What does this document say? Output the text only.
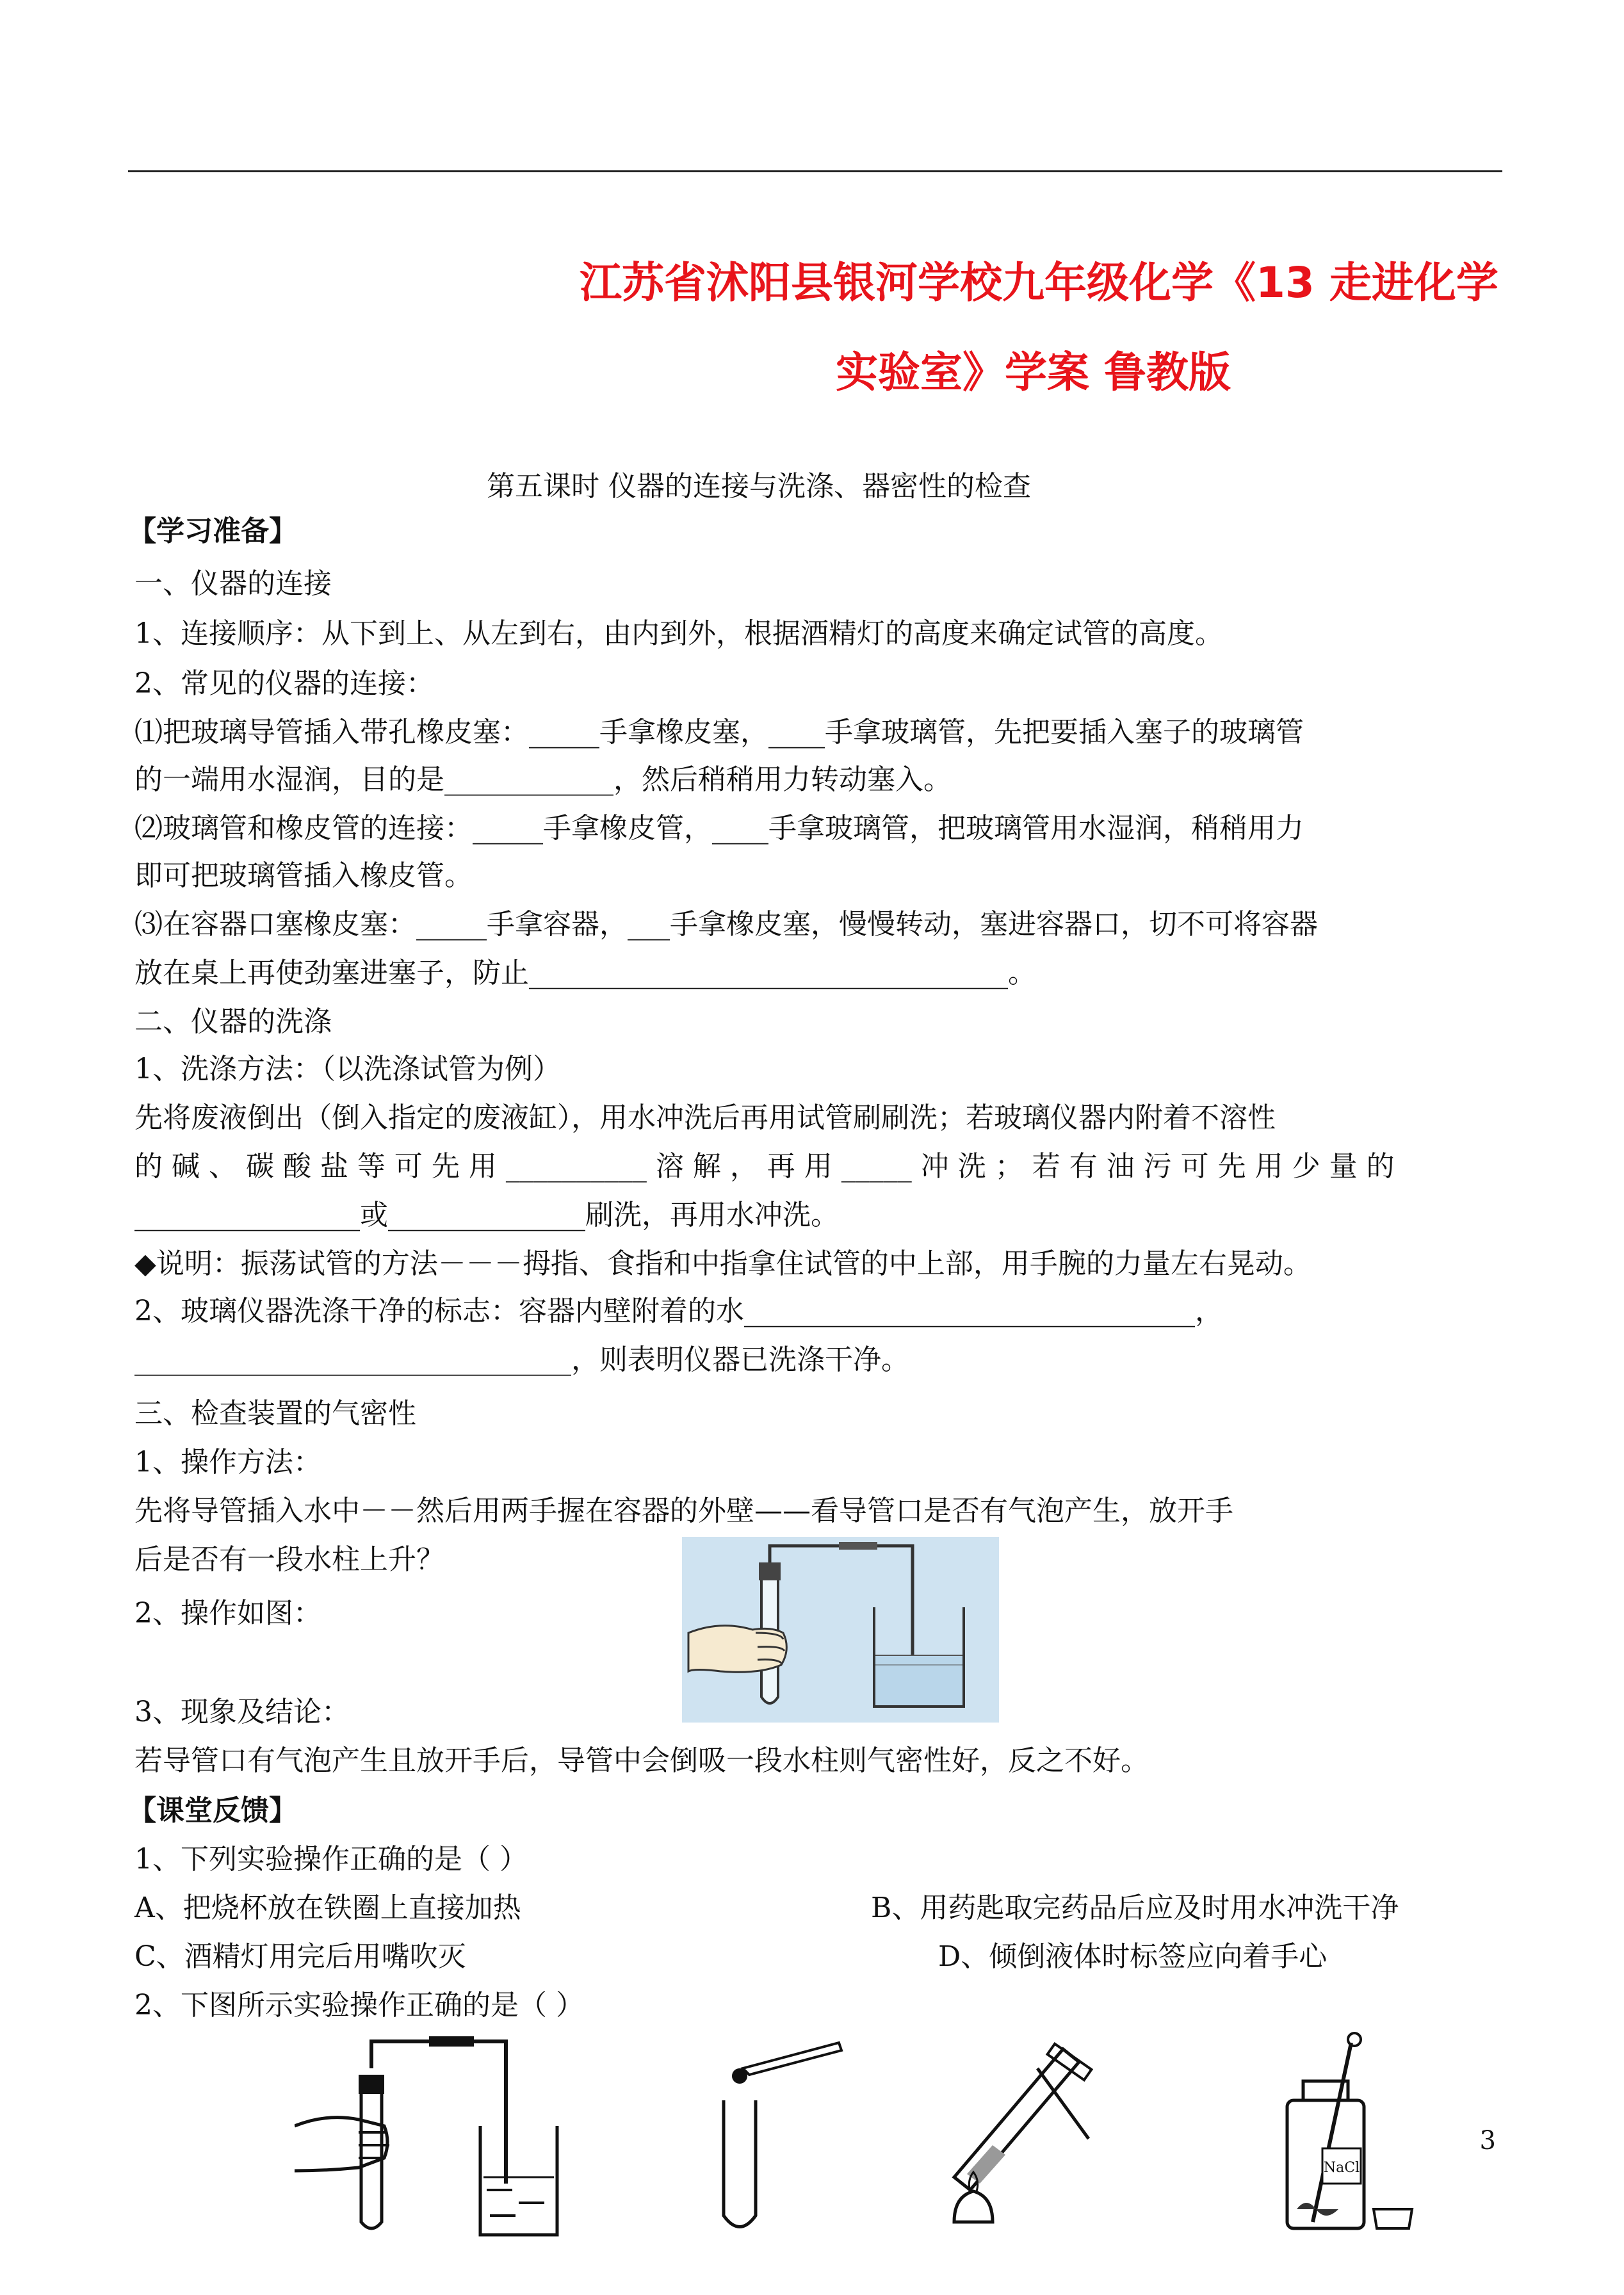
江苏省沭阳县银河学校九年级化学《13 走进化学
实验室》学案 鲁教版
第五课时 仪器的连接与洗涤、器密性的检查
【学习准备】
一、仪器的连接
1、连接顺序：从下到上、从左到右，由内到外，根据酒精灯的高度来确定试管的高度。
2、常见的仪器的连接：
⑴把玻璃导管插入带孔橡皮塞：_____手拿橡皮塞，____手拿玻璃管，先把要插入塞子的玻璃管
的一端用水湿润，目的是____________，然后稍稍用力转动塞入。
⑵玻璃管和橡皮管的连接：_____手拿橡皮管，____手拿玻璃管，把玻璃管用水湿润，稍稍用力
即可把玻璃管插入橡皮管。
⑶在容器口塞橡皮塞：_____手拿容器，___手拿橡皮塞，慢慢转动，塞进容器口，切不可将容器
放在桌上再使劲塞进塞子，防止__________________________________。
二、仪器的洗涤
1、洗涤方法：（以洗涤试管为例）
先将废液倒出（倒入指定的废液缸），用水冲洗后再用试管刷刷洗；若玻璃仪器内附着不溶性
的 碱 、 碳 酸 盐 等 可 先 用 __________ 溶 解 ， 再 用 _____ 冲 洗 ； 若 有 油 污 可 先 用 少 量 的
________________或______________刷洗，再用水冲洗。
◆说明：振荡试管的方法－－－拇指、食指和中指拿住试管的中上部，用手腕的力量左右晃动。
2、玻璃仪器洗涤干净的标志：容器内壁附着的水________________________________，
_______________________________，则表明仪器已洗涤干净。
三、检查装置的气密性
1、操作方法：
先将导管插入水中－－然后用两手握在容器的外壁——看导管口是否有气泡产生，放开手
后是否有一段水柱上升？
2、操作如图：
3、现象及结论：
若导管口有气泡产生且放开手后，导管中会倒吸一段水柱则气密性好，反之不好。
【课堂反馈】
1、下列实验操作正确的是（ ）
A、把烧杯放在铁圈上直接加热	B、用药匙取完药品后应及时用水冲洗干净
C、酒精灯用完后用嘴吹灭	D、倾倒液体时标签应向着手心
2、下图所示实验操作正确的是（ ）
NaCl
3
